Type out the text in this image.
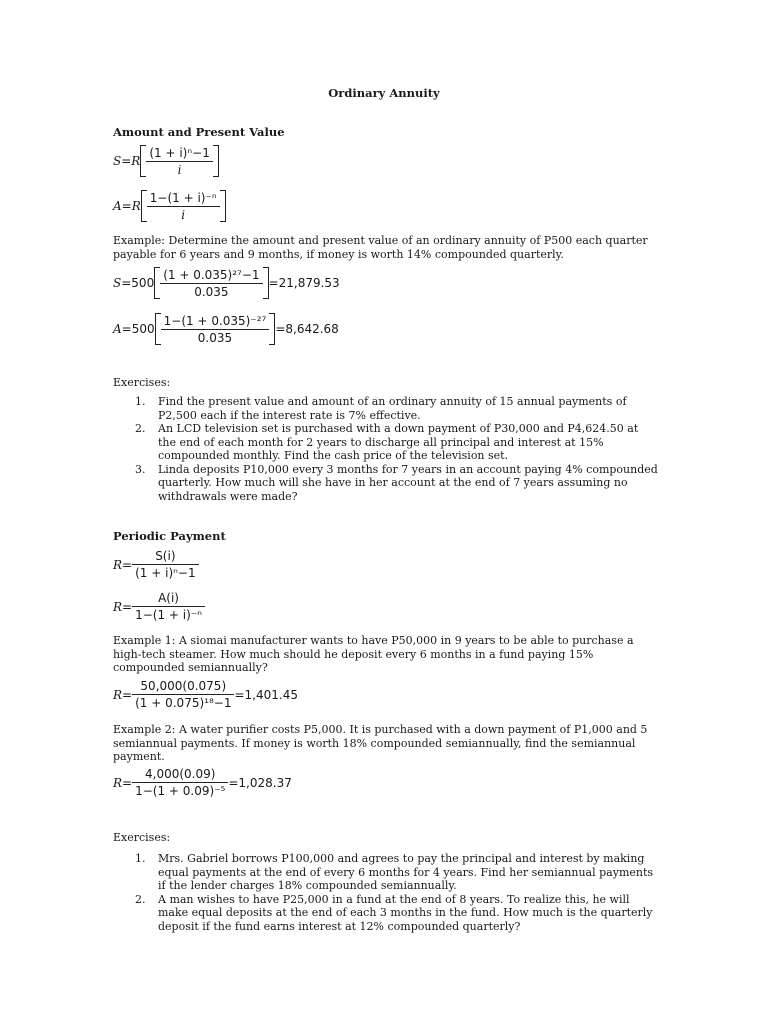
Ordinary Annuity
Amount and Present Value
S = R $\frac{\text{(1 + i)ⁿ−1}}{i}$
A = R $\frac{\text{1−(1 + i)⁻ⁿ}}{i}$
Example: Determine the amount and present value of an ordinary annuity of P500 each quarter payable for 6 years and 9 months, if money is worth 14% compounded quarterly.
$S = 500 \frac{\text{(1 + 0.035)²⁷−1}}{0.035} =21,879.53$
$A = 500 \frac{\text{1−(1 + 0.035)⁻²⁷}}{0.035} =8,642.68$
Exercises:
1. Find the present value and amount of an ordinary annuity of 15 annual payments of P2,500 each if the interest rate is 7% effective.
2. An LCD television set is purchased with a down payment of P30,000 and P4,624.50 at the end of each month for 2 years to discharge all principal and interest at 15% compounded monthly. Find the cash price of the television set.
3. Linda deposits P10,000 every 3 months for 7 years in an account paying 4% compounded quarterly. How much will she have in her account at the end of 7 years assuming no withdrawals were made?
Periodic Payment
$R = \frac{S(i)}{\text{(1 + i)ⁿ−1}}$
$R = \frac{A(i)}{\text{1−(1 + i)⁻ⁿ}}$
Example 1: A siomai manufacturer wants to have P50,000 in 9 years to be able to purchase a high-tech steamer. How much should he deposit every 6 months in a fund paying 15% compounded semiannually?
$R = \frac{50,000(0.075)}{\text{(1 + 0.075)¹⁸−1}} =1,401.45$
Example 2: A water purifier costs P5,000. It is purchased with a down payment of P1,000 and 5 semiannual payments. If money is worth 18% compounded semiannually, find the semiannual payment.
$R = \frac{4,000(0.09)}{\text{1−(1 + 0.09)⁻⁵}} =1,028.37$
Exercises:
1. Mrs. Gabriel borrows P100,000 and agrees to pay the principal and interest by making equal payments at the end of every 6 months for 4 years. Find her semiannual payments if the lender charges 18% compounded semiannually.
2. A man wishes to have P25,000 in a fund at the end of 8 years. To realize this, he will make equal deposits at the end of each 3 months in the fund. How much is the quarterly deposit if the fund earns interest at 12% compounded quarterly?
